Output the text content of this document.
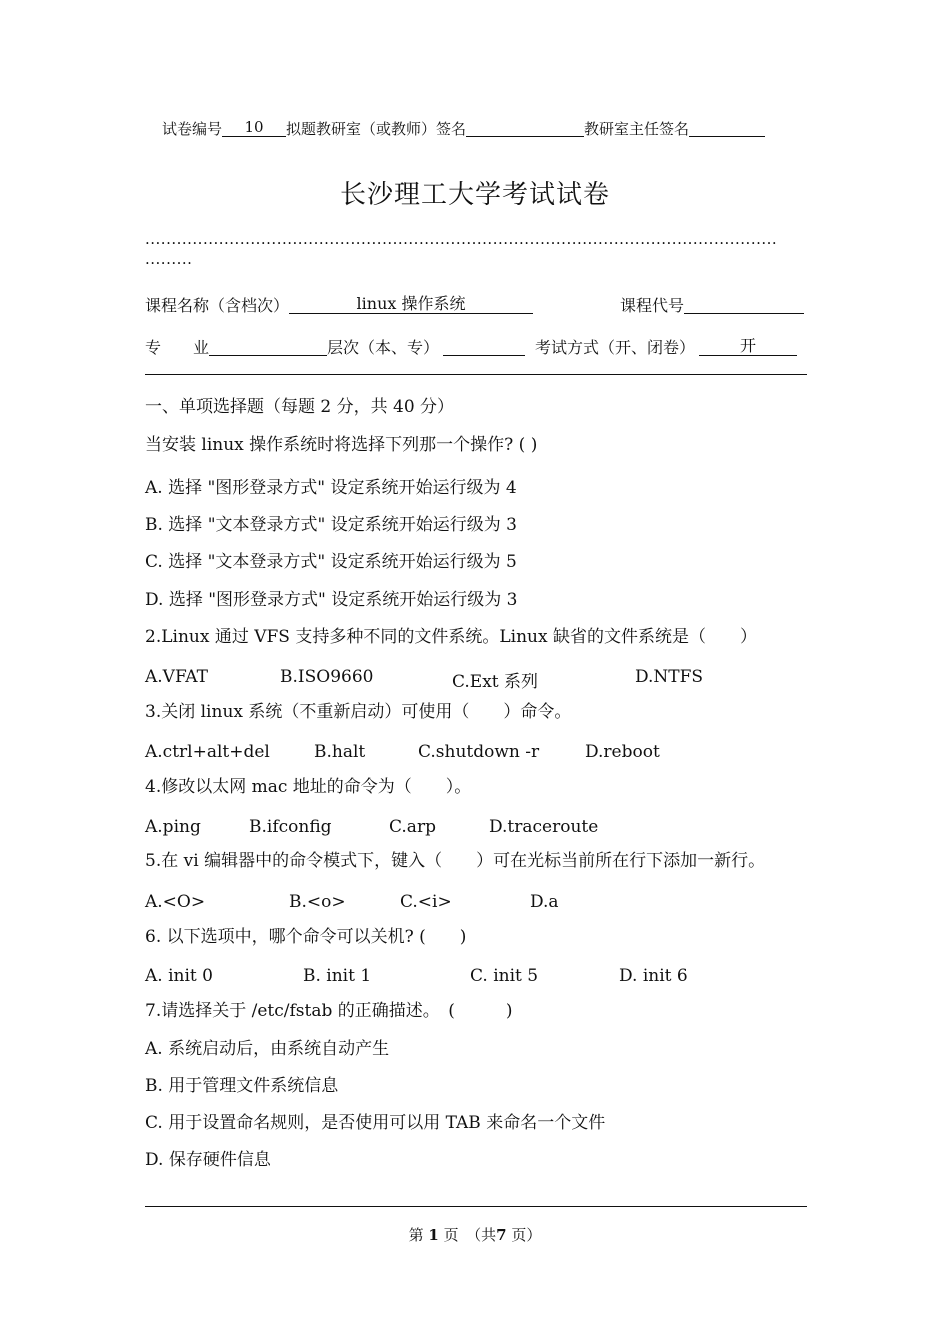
试卷编号 10 拟题教研室（或教师）签名	教研室主任签名
长沙理工大学考试试卷
........................................................................................................................
.........
课程名称（含档次）	linux 操作系统	课程代号
专　　业	层次（本、专）	考试方式（开、闭卷）	开
一、单项选择题（每题 2 分，共 40 分）
当安装 linux 操作系统时将选择下列那一个操作? ( )
A. 选择 "图形登录方式" 设定系统开始运行级为 4
B. 选择 "文本登录方式" 设定系统开始运行级为 3
C. 选择 "文本登录方式" 设定系统开始运行级为 5
D. 选择 "图形登录方式" 设定系统开始运行级为 3
2.Linux 通过 VFS 支持多种不同的文件系统。Linux 缺省的文件系统是（　　）
A.VFAT	B.ISO9660	C.Ext 系列	D.NTFS
3.关闭 linux 系统（不重新启动）可使用（　　）命令。
A.ctrl+alt+del	B.halt	C.shutdown -r	D.reboot
4.修改以太网 mac 地址的命令为（　　）。
A.ping	B.ifconfig	C.arp	D.traceroute
5.在 vi 编辑器中的命令模式下，键入（　　）可在光标当前所在行下添加一新行。
A.<O>	B.<o>	C.<i>	D.a
6. 以下选项中，哪个命令可以关机? (　　)
A. init 0	B. init 1	C. init 5	D. init 6
7.请选择关于 /etc/fstab 的正确描述。　(　　　)
A. 系统启动后，由系统自动产生
B. 用于管理文件系统信息
C. 用于设置命名规则，是否使用可以用 TAB 来命名一个文件
D. 保存硬件信息
第 1 页　（共7 页）
